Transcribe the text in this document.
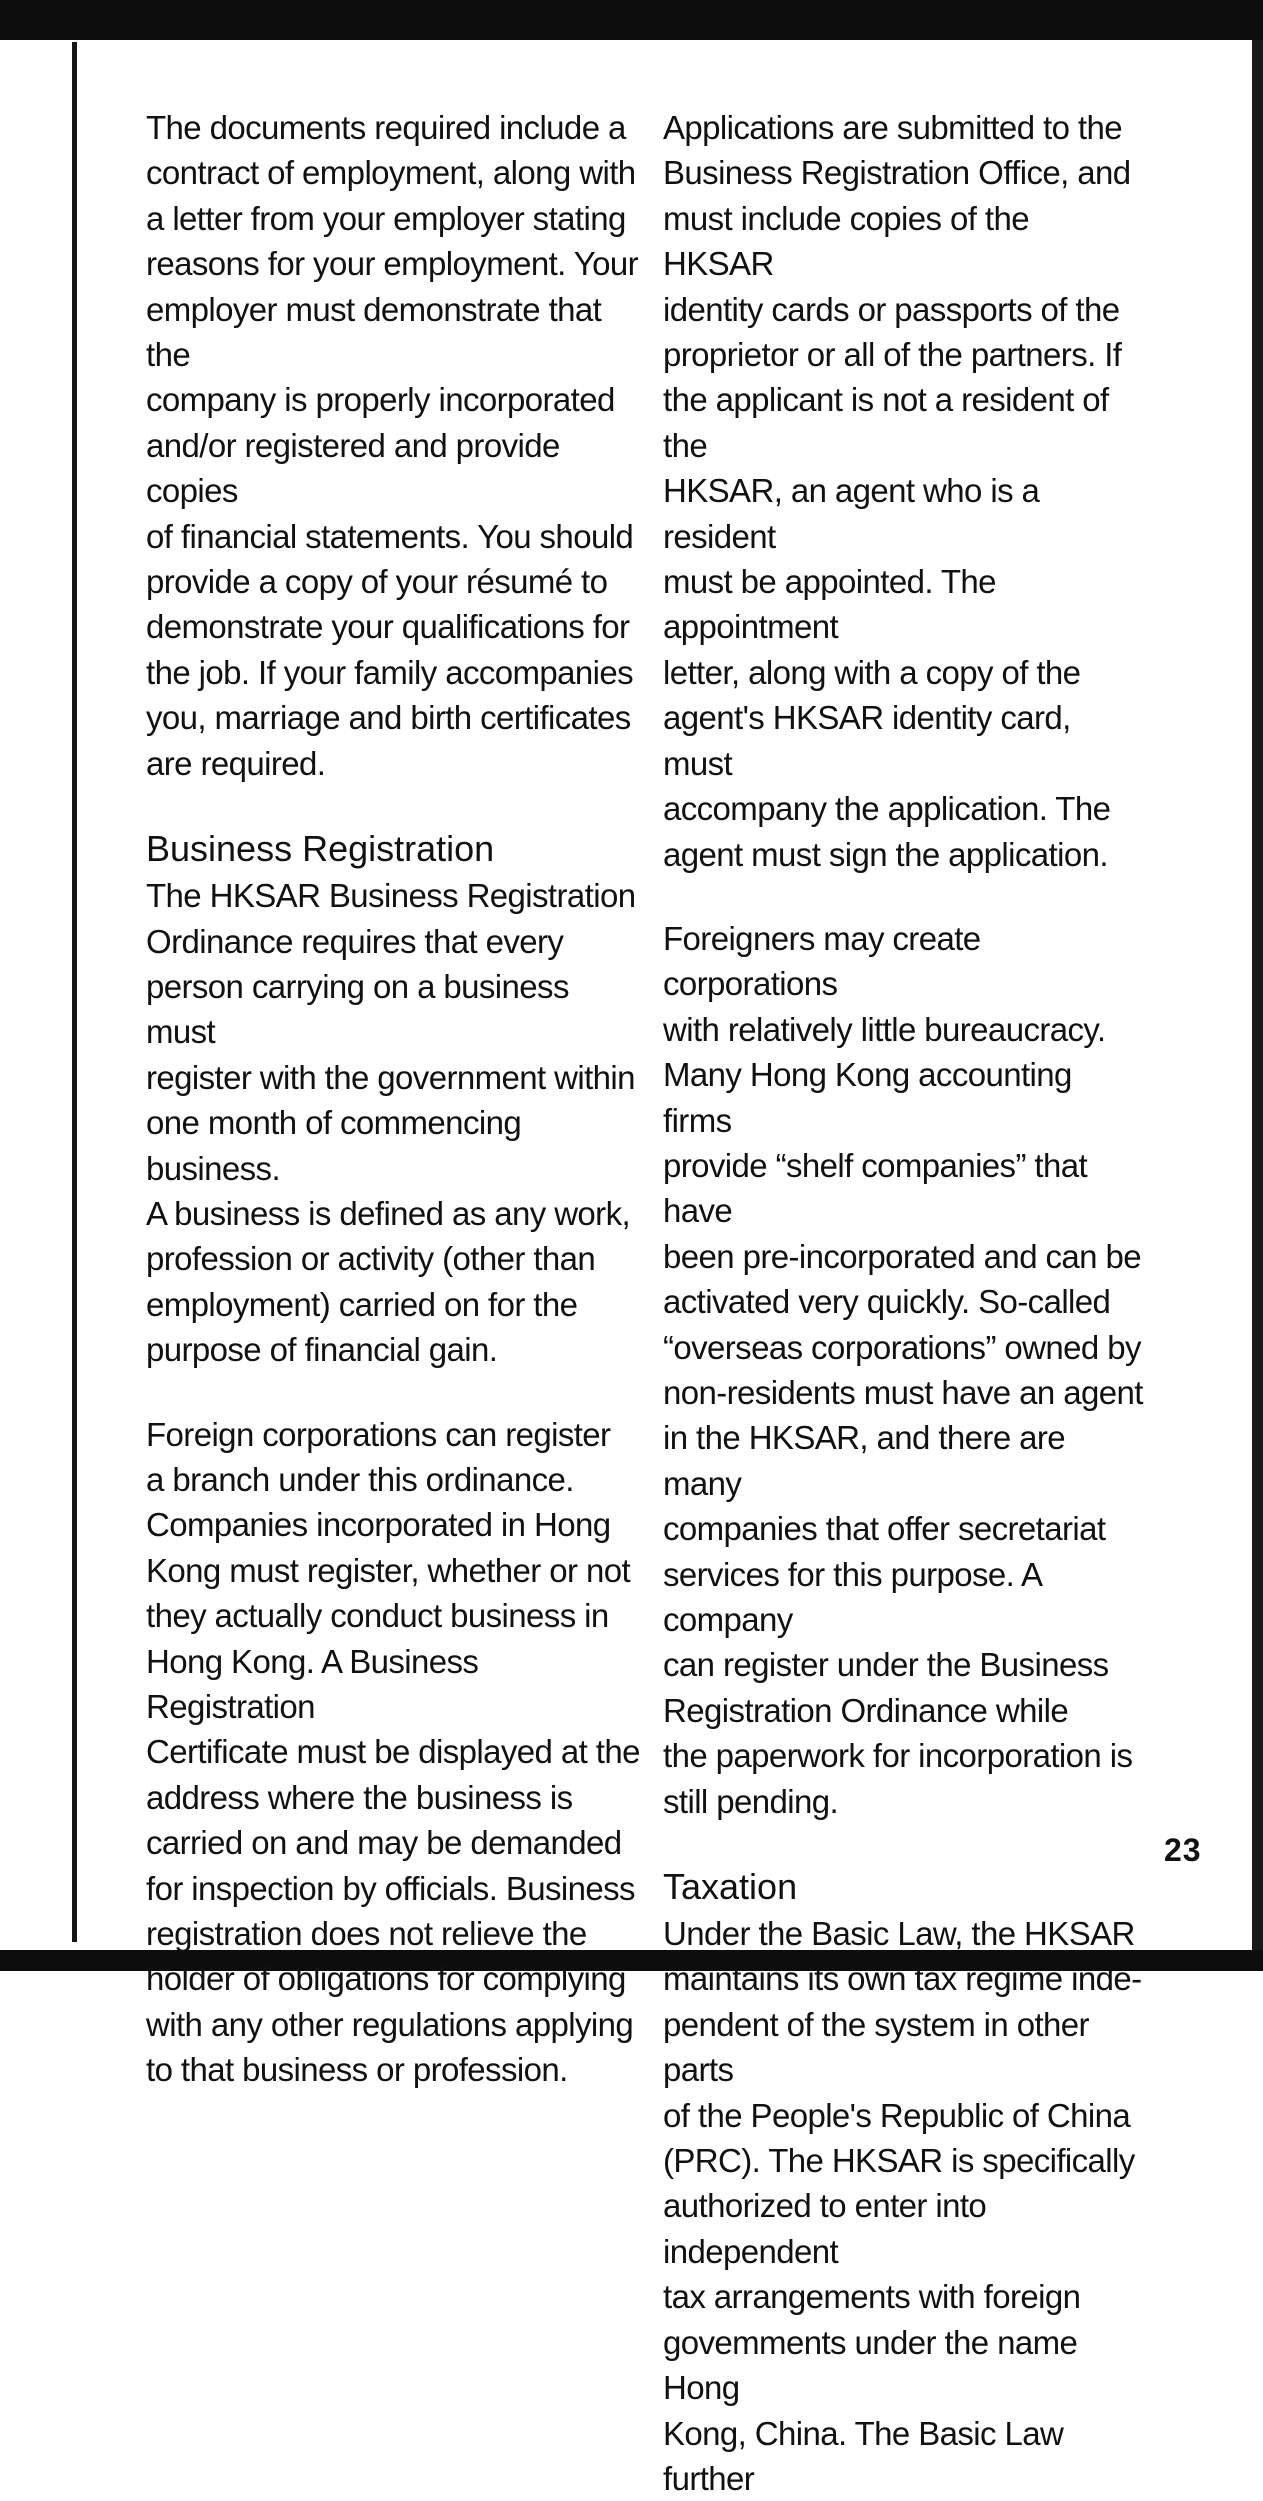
The documents required include a
contract of employment, along with
a letter from your employer stating
reasons for your employment. Your
employer must demonstrate that the
company is properly incorporated
and/or registered and provide copies
of financial statements. You should
provide a copy of your résumé to
demonstrate your qualifications for
the job. If your family accompanies
you, marriage and birth certificates
are required.

Business Registration

The HKSAR Business Registration
Ordinance requires that every
person carrying on a business must
register with the government within
one month of commencing business.
A business is defined as any work,
profession or activity (other than
employment) carried on for the
purpose of financial gain.

Foreign corporations can register
a branch under this ordinance.
Companies incorporated in Hong
Kong must register, whether or not
they actually conduct business in
Hong Kong. A Business Registration
Certificate must be displayed at the
address where the business is
carried on and may be demanded
for inspection by officials. Business
registration does not relieve the
holder of obligations for complying
with any other regulations applying
to that business or profession.

Applications are submitted to the
Business Registration Office, and
must include copies of the HKSAR
identity cards or passports of the
proprietor or all of the partners. If
the applicant is not a resident of the
HKSAR, an agent who is a resident
must be appointed. The appointment
letter, along with a copy of the
agent's HKSAR identity card, must
accompany the application. The
agent must sign the application.

Foreigners may create corporations
with relatively little bureaucracy.
Many Hong Kong accounting firms
provide “shelf companies” that have
been pre-incorporated and can be
activated very quickly. So-called
“overseas corporations” owned by
non-residents must have an agent
in the HKSAR, and there are many
companies that offer secretariat
services for this purpose. A company
can register under the Business
Registration Ordinance while
the paperwork for incorporation is
still pending.

Taxation

Under the Basic Law, the HKSAR
maintains its own tax regime inde-
pendent of the system in other parts
of the People's Republic of China
(PRC). The HKSAR is specifically
authorized to enter into independent
tax arrangements with foreign
govemments under the name Hong
Kong, China. The Basic Law further

23
